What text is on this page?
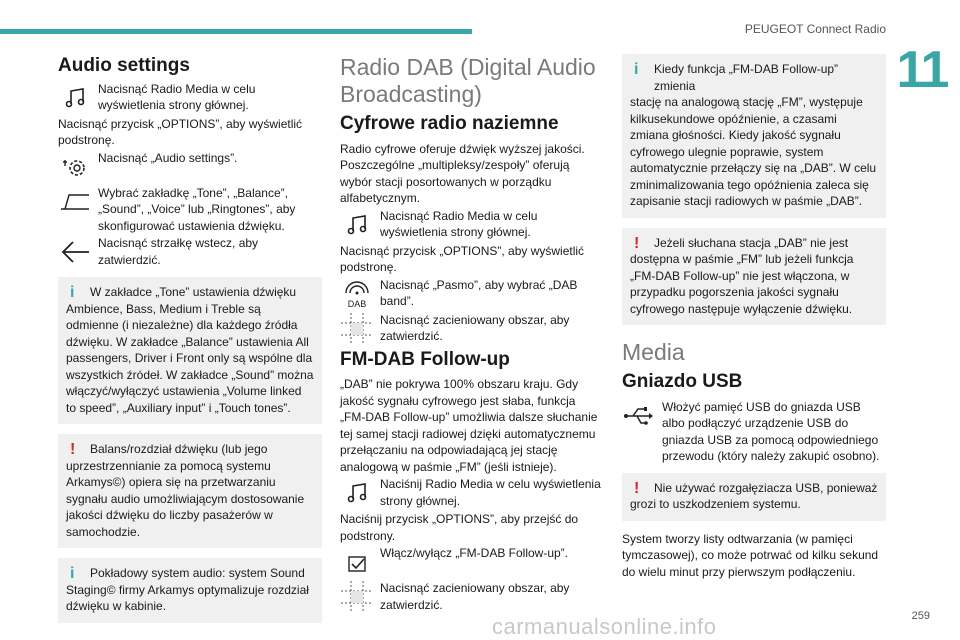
PEUGEOT Connect Radio
11
259
carmanualsonline.info
Audio settings
Nacisnąć Radio Media w celu wyświetlenia strony głównej.
Nacisnąć przycisk „OPTIONS”, aby wyświetlić podstronę.
Nacisnąć „Audio settings”.
Wybrać zakładkę „Tone”, „Balance”, „Sound”, „Voice” lub „Ringtones”, aby skonfigurować ustawienia dźwięku.
Nacisnąć strzałkę wstecz, aby zatwierdzić.
i	W zakładce „Tone” ustawienia dźwięku
Ambience, Bass, Medium i Treble są odmienne (i niezależne) dla każdego źródła dźwięku. W zakładce „Balance” ustawienia All passengers, Driver i Front only są wspólne dla wszystkich źródeł. W zakładce „Sound” można włączyć/wyłączyć ustawienia „Volume linked to speed”, „Auxiliary input” i „Touch tones”.
!	Balans/rozdział dźwięku (lub jego
uprzestrzennianie za pomocą systemu Arkamys©) opiera się na przetwarzaniu sygnału audio umożliwiającym dostosowanie jakości dźwięku do liczby pasażerów w samochodzie.
i	Pokładowy system audio: system Sound
Staging© firmy Arkamys optymalizuje rozdział dźwięku w kabinie.
Radio DAB (Digital Audio Broadcasting)
Cyfrowe radio naziemne
Radio cyfrowe oferuje dźwięk wyższej jakości. Poszczególne „multipleksy/zespoły” oferują wybór stacji posortowanych w porządku alfabetycznym.
Nacisnąć Radio Media w celu wyświetlenia strony głównej.
Nacisnąć przycisk „OPTIONS”, aby wyświetlić podstronę.
DAB
Nacisnąć „Pasmo”, aby wybrać „DAB band”.
Nacisnąć zacieniowany obszar, aby zatwierdzić.
FM-DAB Follow-up
„DAB” nie pokrywa 100% obszaru kraju. Gdy jakość sygnału cyfrowego jest słaba, funkcja „FM-DAB Follow-up” umożliwia dalsze słuchanie tej samej stacji radiowej dzięki automatycznemu przełączaniu na odpowiadającą jej stację analogową w paśmie „FM” (jeśli istnieje).
Naciśnij Radio Media w celu wyświetlenia strony głównej.
Naciśnij przycisk „OPTIONS”, aby przejść do podstrony.
Włącz/wyłącz „FM-DAB Follow-up”.
Nacisnąć zacieniowany obszar, aby zatwierdzić.
i	Kiedy funkcja „FM-DAB Follow-up” zmienia
stację na analogową stację „FM”, występuje kilkusekundowe opóźnienie, a czasami zmiana głośności. Kiedy jakość sygnału cyfrowego ulegnie poprawie, system automatycznie przełączy się na „DAB”. W celu zminimalizowania tego opóźnienia zaleca się zapisanie stacji radiowych w paśmie „DAB”.
!	Jeżeli słuchana stacja „DAB” nie jest
dostępna w paśmie „FM” lub jeżeli funkcja „FM-DAB Follow-up” nie jest włączona, w przypadku pogorszenia jakości sygnału cyfrowego następuje wyłączenie dźwięku.
Media
Gniazdo USB
Włożyć pamięć USB do gniazda USB albo podłączyć urządzenie USB do gniazda USB za pomocą odpowiedniego przewodu (który należy zakupić osobno).
!	Nie używać rozgałęziacza USB, ponieważ
grozi to uszkodzeniem systemu.
System tworzy listy odtwarzania (w pamięci tymczasowej), co może potrwać od kilku sekund do wielu minut przy pierwszym podłączeniu.
